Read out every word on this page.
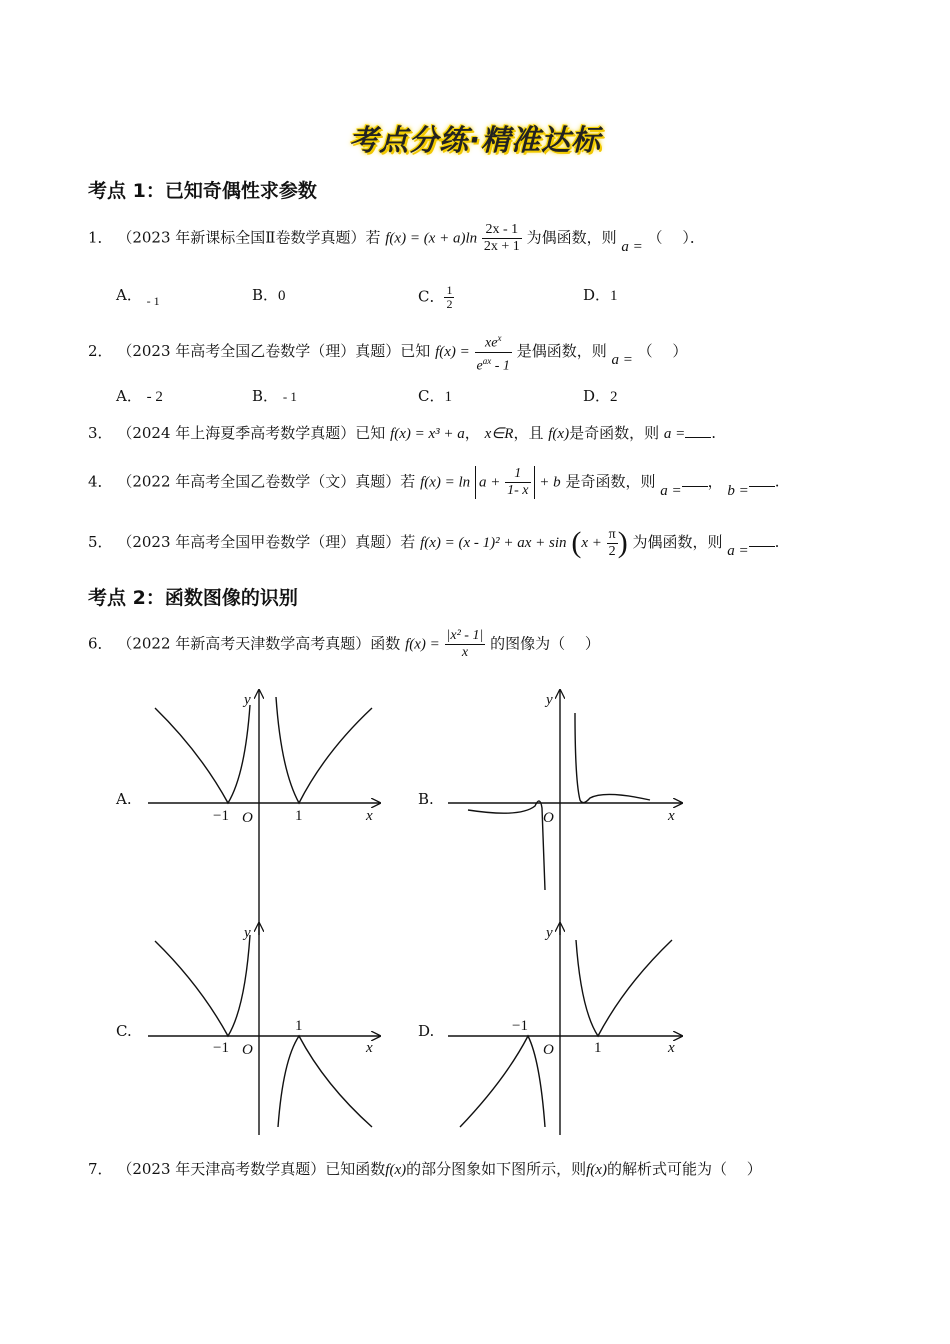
考点分练·精准达标
考点 1：已知奇偶性求参数
1． （2023 年新课标全国Ⅱ卷数学真题）若 $f(x) = (x + a)\ln \frac{2x - 1}{2x + 1}$ 为偶函数，则 a = （　 ）．
A． $_{- 1}$	B．0	C． $\frac{1}{2}$	D．1
2． （2023 年高考全国乙卷数学（理）真题）已知 $f(x) = \frac{xe^x}{e^{ax} - 1}$ 是偶函数，则 a = （　 ）
A． - 2	B． - 1	C．1	D．2
3． （2024 年上海夏季高考数学真题）已知 f(x) = x³ + a， x∈R，且 f(x)是奇函数，则 a = .
4． （2022 年高考全国乙卷数学（文）真题）若 $f(x) = \ln a + \frac{1}{1- x} + b$ 是奇函数，则 a = ， b = .
5． （2023 年高考全国甲卷数学（理）真题）若 f(x) = (x - 1)² + ax + $\sin (x + \frac{\pi}{2}$ ) 为偶函数，则 a = .
考点 2：函数图像的识别
6． （2022 年新高考天津数学高考真题）函数 $f(x) = \frac{\text{|x² - 1|}}{x}$ 的图像为（　 ）
A.	B.
C.	D.
y
x
O
−1	1
y
x
O
y
x
O
−1
1
y
x
O
−1
1
7． （2023 年天津高考数学真题）已知函数f(x)的部分图象如下图所示，则f(x)的解析式可能为（　 ）
